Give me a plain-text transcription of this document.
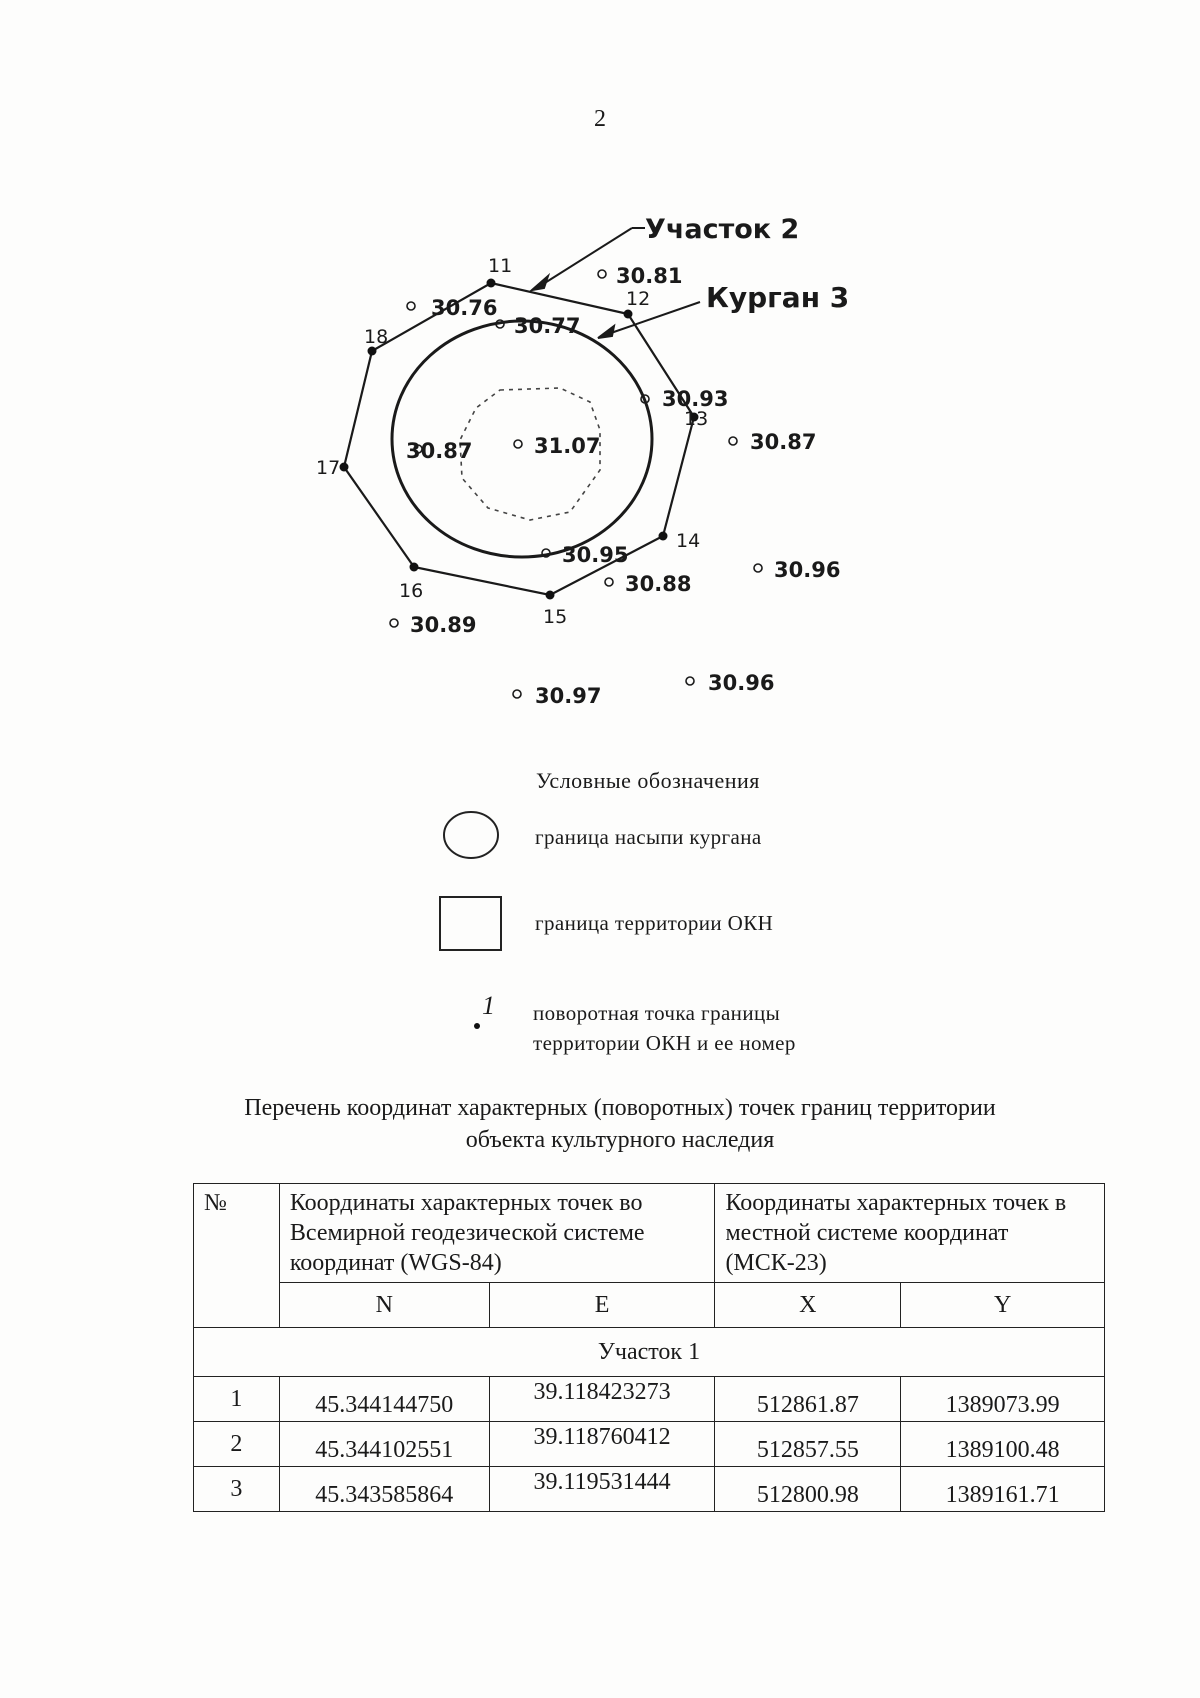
2
Участок 2
Курган 3
30.81
30.76
30.77
30.93
30.87
31.07
30.87
30.95
30.88
30.96
30.89
30.97
30.96
11
12
13
14
15
16
17
18
Условные обозначения
граница насыпи кургана
граница территории ОКН
1 поворотная точка границы
территории ОКН и ее номер
Перечень координат характерных (поворотных) точек границ территории
объекта культурного наследия
№	Координаты характерных точек во Всемирной геодезической системе координат (WGS-84)		Координаты характерных точек в местной системе координат (МСК-23)	
	N	E	X	Y
Участок 1				
1	45.344144750	39.118423273	512861.87	1389073.99
2	45.344102551	39.118760412	512857.55	1389100.48
3	45.343585864	39.119531444	512800.98	1389161.71
